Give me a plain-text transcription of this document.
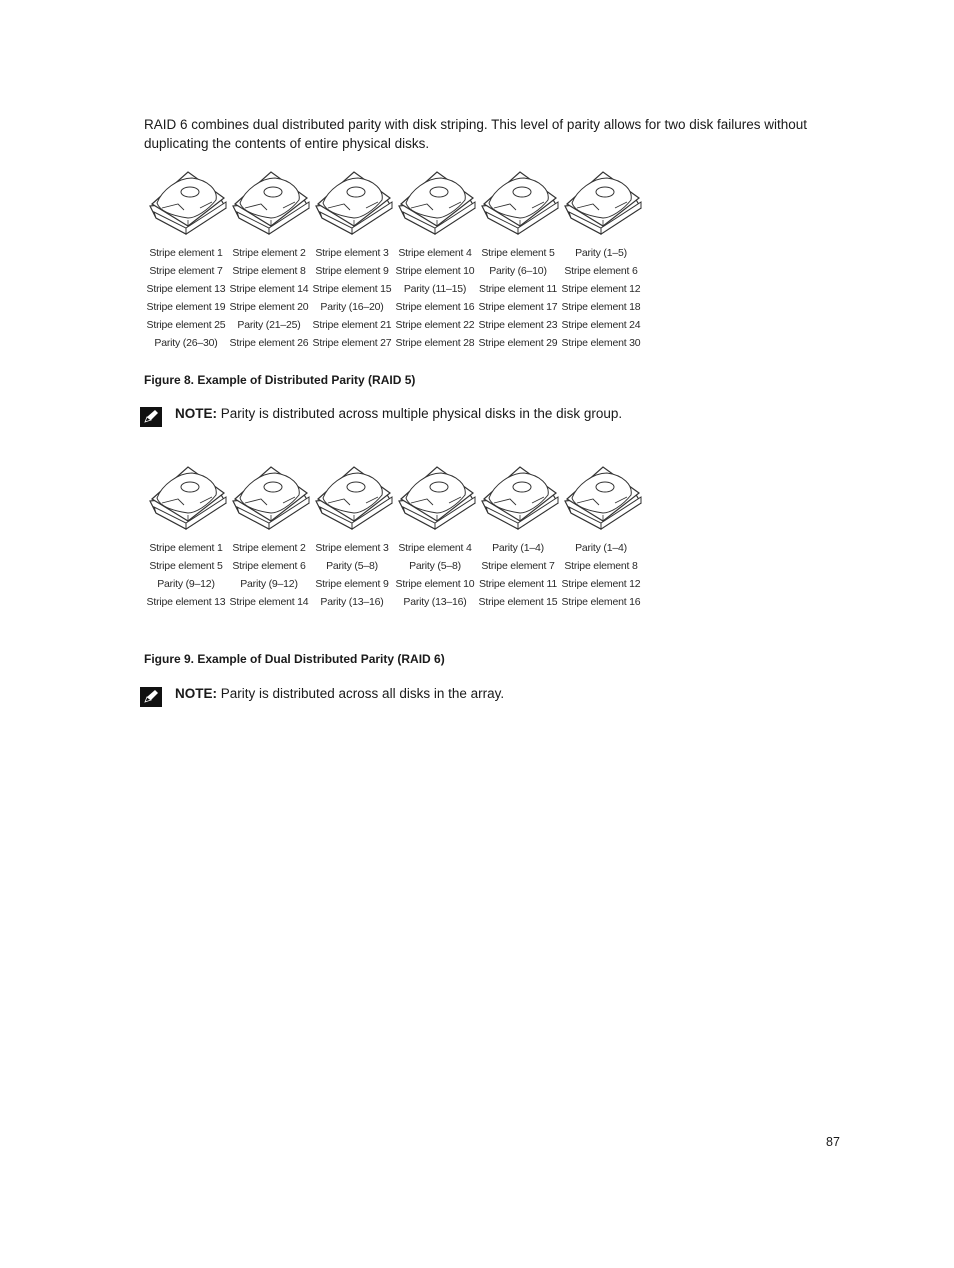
RAID 6 combines dual distributed parity with disk striping. This level of parity allows for two disk failures without duplicating the contents of entire physical disks.

Stripe element 1
Stripe element 7
Stripe element 13
Stripe element 19
Stripe element 25
Parity (26–30)
Stripe element 2
Stripe element 8
Stripe element 14
Stripe element 20
Parity (21–25)
Stripe element 26
Stripe element 3
Stripe element 9
Stripe element 15
Parity (16–20)
Stripe element 21
Stripe element 27
Stripe element 4
Stripe element 10
Parity (11–15)
Stripe element 16
Stripe element 22
Stripe element 28
Stripe element 5
Parity (6–10)
Stripe element 11
Stripe element 17
Stripe element 23
Stripe element 29
Parity (1–5)
Stripe element 6
Stripe element 12
Stripe element 18
Stripe element 24
Stripe element 30

Figure 8. Example of Distributed Parity (RAID 5)

NOTE: Parity is distributed across multiple physical disks in the disk group.
Stripe element 1
Stripe element 5
Parity (9–12)
Stripe element 13
Stripe element 2
Stripe element 6
Parity (9–12)
Stripe element 14
Stripe element 3
Parity (5–8)
Stripe element 9
Parity (13–16)
Stripe element 4
Parity (5–8)
Stripe element 10
Parity (13–16)
Parity (1–4)
Stripe element 7
Stripe element 11
Stripe element 15
Parity (1–4)
Stripe element 8
Stripe element 12
Stripe element 16

Figure 9. Example of Dual Distributed Parity (RAID 6)

NOTE: Parity is distributed across all disks in the array.
87
